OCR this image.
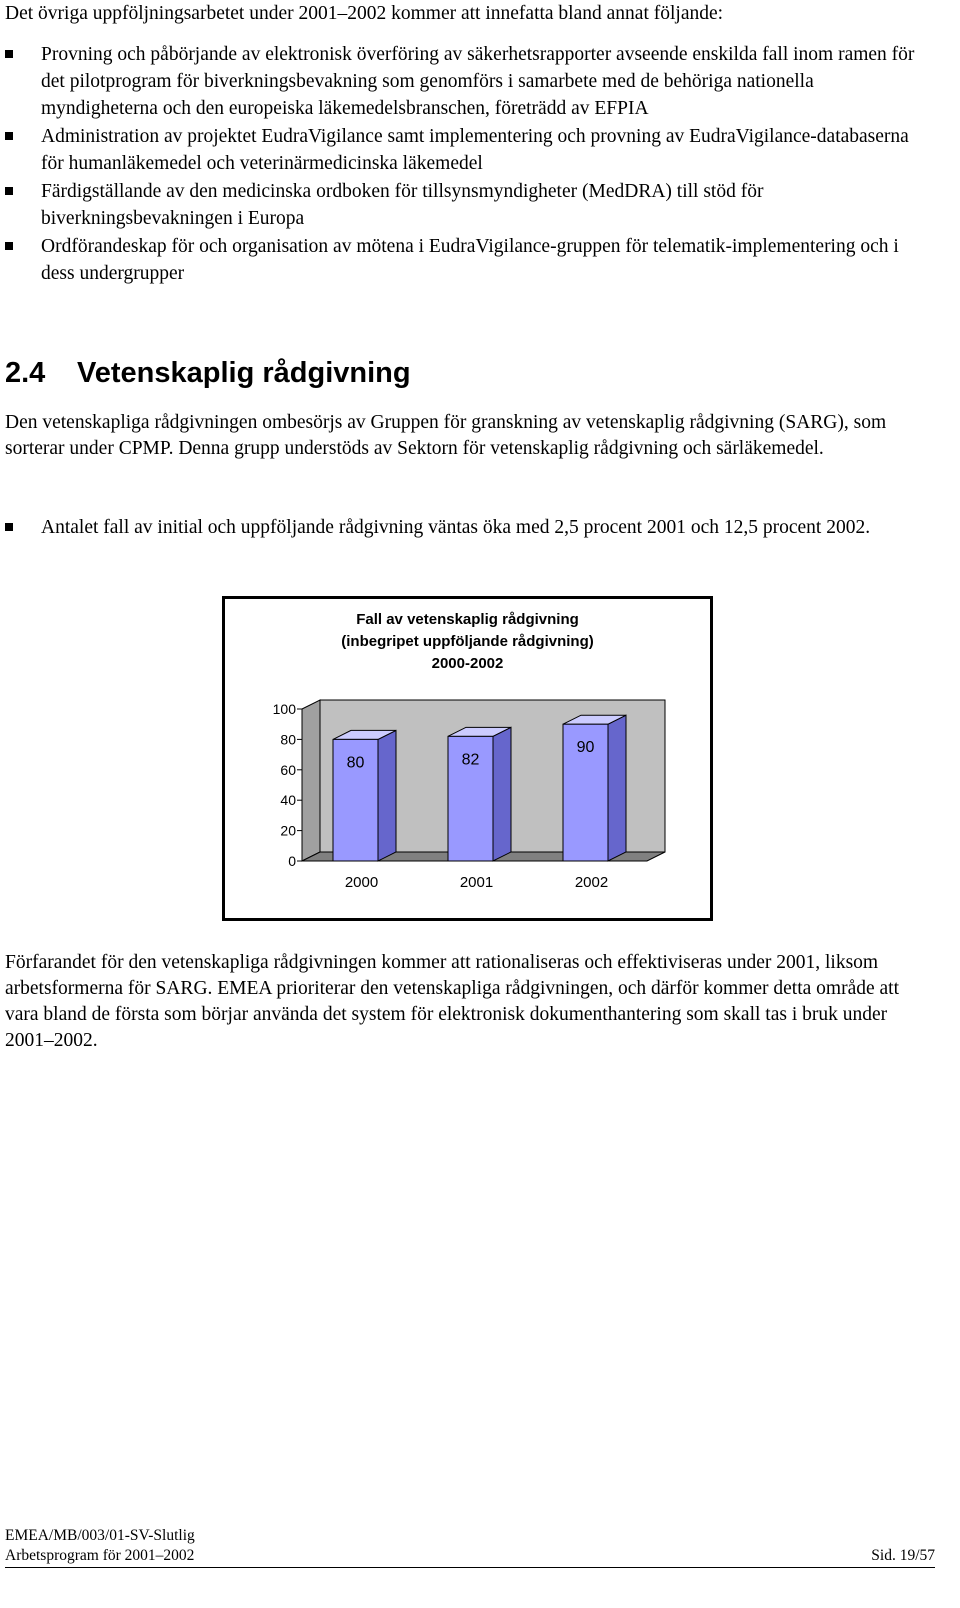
Det övriga uppföljningsarbetet under 2001–2002 kommer att innefatta bland annat följande:
Provning och påbörjande av elektronisk överföring av säkerhetsrapporter avseende enskilda fall inom ramen för det pilotprogram för biverkningsbevakning som genomförs i samarbete med de behöriga nationella myndigheterna och den europeiska läkemedelsbranschen, företrädd av EFPIA
Administration av projektet EudraVigilance samt implementering och provning av EudraVigilance-databaserna för humanläkemedel och veterinärmedicinska läkemedel
Färdigställande av den medicinska ordboken för tillsynsmyndigheter (MedDRA) till stöd för biverkningsbevakningen i Europa
Ordförandeskap för och organisation av mötena i EudraVigilance-gruppen för telematik-implementering och i dess undergrupper
2.4 Vetenskaplig rådgivning

Den vetenskapliga rådgivningen ombesörjs av Gruppen för granskning av vetenskaplig rådgivning (SARG), som sorterar under CPMP. Denna grupp understöds av Sektorn för vetenskaplig rådgivning och särläkemedel.

Antalet fall av initial och uppföljande rådgivning väntas öka med 2,5 procent 2001 och 12,5 procent 2002.
Fall av vetenskaplig rådgivning
(inbegripet uppföljande rådgivning)
2000-2002
100
80
60
40
20
0
80
2000
82
2001
90
2002

Förfarandet för den vetenskapliga rådgivningen kommer att rationaliseras och effektiviseras under 2001, liksom arbetsformerna för SARG. EMEA prioriterar den vetenskapliga rådgivningen, och därför kommer detta område att vara bland de första som börjar använda det system för elektronisk dokumenthantering som skall tas i bruk under 2001–2002.

EMEA/MB/003/01-SV-Slutlig
Arbetsprogram för 2001–2002	Sid. 19/57
